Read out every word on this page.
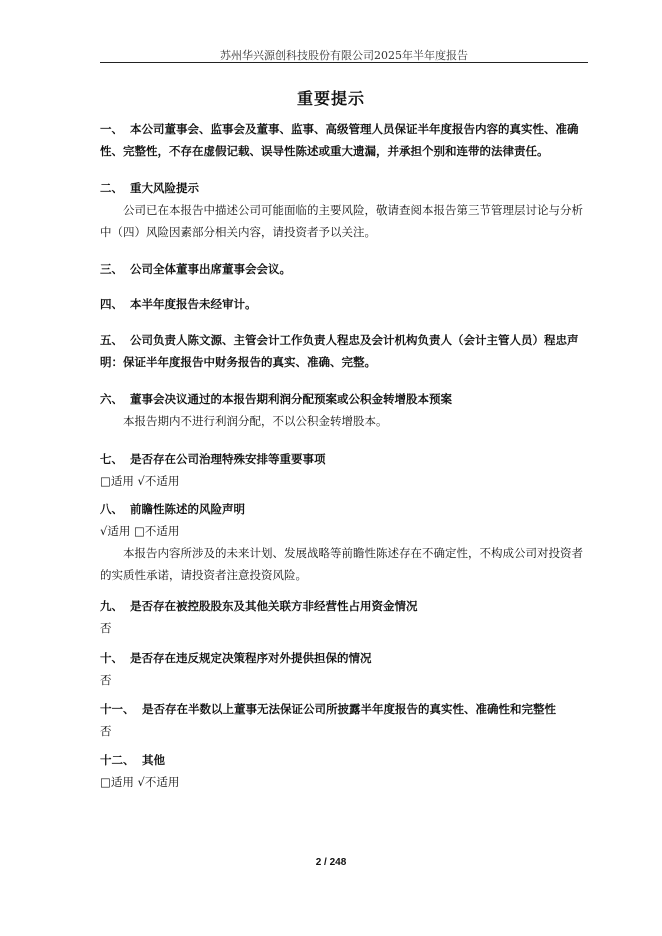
苏州华兴源创科技股份有限公司2025年半年度报告
重要提示
一、 本公司董事会、监事会及董事、监事、高级管理人员保证半年度报告内容的真实性、准确性、完整性，不存在虚假记载、误导性陈述或重大遗漏，并承担个别和连带的法律责任。
二、 重大风险提示
公司已在本报告中描述公司可能面临的主要风险，敬请查阅本报告第三节管理层讨论与分析中（四）风险因素部分相关内容，请投资者予以关注。
三、 公司全体董事出席董事会会议。
四、 本半年度报告未经审计。
五、 公司负责人陈文源、主管会计工作负责人程忠及会计机构负责人（会计主管人员）程忠声明：保证半年度报告中财务报告的真实、准确、完整。
六、 董事会决议通过的本报告期利润分配预案或公积金转增股本预案
本报告期内不进行利润分配，不以公积金转增股本。
七、 是否存在公司治理特殊安排等重要事项
□适用 √不适用
八、 前瞻性陈述的风险声明
√适用 □不适用
本报告内容所涉及的未来计划、发展战略等前瞻性陈述存在不确定性，不构成公司对投资者的实质性承诺，请投资者注意投资风险。
九、 是否存在被控股股东及其他关联方非经营性占用资金情况
否
十、 是否存在违反规定决策程序对外提供担保的情况
否
十一、 是否存在半数以上董事无法保证公司所披露半年度报告的真实性、准确性和完整性
否
十二、 其他
□适用 √不适用
2 / 248
